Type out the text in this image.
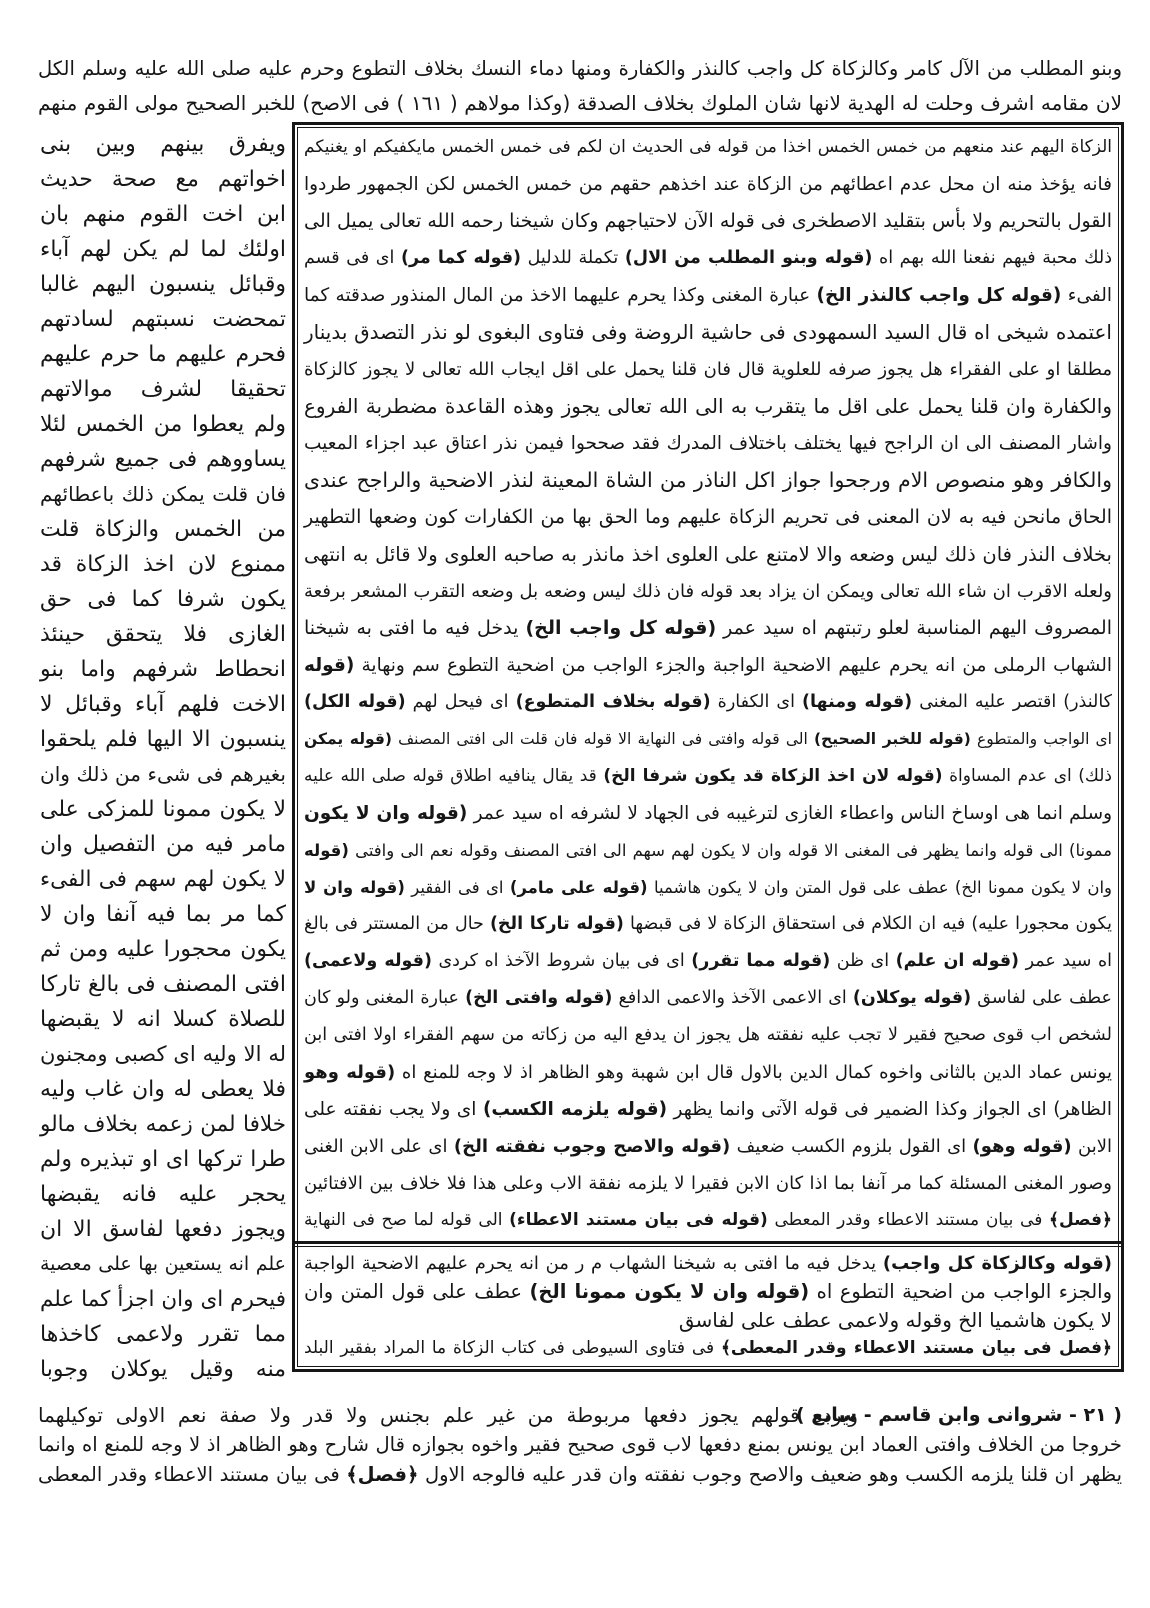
وبنو المطلب من الآل كامر وكالزكاة كل واجب كالنذر والكفارة ومنها دماء النسك بخلاف التطوع وحرم عليه صلى الله عليه وسلم الكل
لان مقامه اشرف وحلت له الهدية لانها شان الملوك بخلاف الصدقة (وكذا مولاهم ( ١٦١ ) فى الاصح) للخبر الصحيح مولى القوم منهم
الزكاة اليهم عند منعهم من خمس الخمس اخذا من قوله فى الحديث ان لكم فى خمس الخمس مايكفيكم او يغنيكم
فانه يؤخذ منه ان محل عدم اعطائهم من الزكاة عند اخذهم حقهم من خمس الخمس لكن الجمهور طردوا
القول بالتحريم ولا بأس بتقليد الاصطخرى فى قوله الآن لاحتياجهم وكان شيخنا رحمه الله تعالى يميل الى
ذلك محبة فيهم نفعنا الله بهم اه (قوله وبنو المطلب من الال) تكملة للدليل (قوله كما مر) اى فى قسم
الفىء (قوله كل واجب كالنذر الخ) عبارة المغنى وكذا يحرم عليهما الاخذ من المال المنذور صدقته كما
اعتمده شيخى اه قال السيد السمهودى فى حاشية الروضة وفى فتاوى البغوى لو نذر التصدق بدينار
مطلقا او على الفقراء هل يجوز صرفه للعلوية قال فان قلنا يحمل على اقل ايجاب الله تعالى لا يجوز كالزكاة
والكفارة وان قلنا يحمل على اقل ما يتقرب به الى الله تعالى يجوز وهذه القاعدة مضطربة الفروع
واشار المصنف الى ان الراجح فيها يختلف باختلاف المدرك فقد صححوا فيمن نذر اعتاق عبد اجزاء المعيب
والكافر وهو منصوص الام ورجحوا جواز اكل الناذر من الشاة المعينة لنذر الاضحية والراجح عندى
الحاق مانحن فيه به لان المعنى فى تحريم الزكاة عليهم وما الحق بها من الكفارات كون وضعها التطهير
بخلاف النذر فان ذلك ليس وضعه والا لامتنع على العلوى اخذ مانذر به صاحبه العلوى ولا قائل به انتهى
ولعله الاقرب ان شاء الله تعالى ويمكن ان يزاد بعد قوله فان ذلك ليس وضعه بل وضعه التقرب المشعر برفعة
المصروف اليهم المناسبة لعلو رتبتهم اه سيد عمر (قوله كل واجب الخ) يدخل فيه ما افتى به شيخنا
الشهاب الرملى من انه يحرم عليهم الاضحية الواجبة والجزء الواجب من اضحية التطوع سم ونهاية (قوله
كالنذر) اقتصر عليه المغنى (قوله ومنها) اى الكفارة (قوله بخلاف المتطوع) اى فيحل لهم (قوله الكل)
اى الواجب والمتطوع (قوله للخبر الصحيح) الى قوله وافتى فى النهاية الا قوله فان قلت الى افتى المصنف (قوله يمكن
ذلك) اى عدم المساواة (قوله لان اخذ الزكاة قد يكون شرفا الخ) قد يقال ينافيه اطلاق قوله صلى الله عليه
وسلم انما هى اوساخ الناس واعطاء الغازى لترغيبه فى الجهاد لا لشرفه اه سيد عمر (قوله وان لا يكون
ممونا) الى قوله وانما يظهر فى المغنى الا قوله وان لا يكون لهم سهم الى افتى المصنف وقوله نعم الى وافتى (قوله
وان لا يكون ممونا الخ) عطف على قول المتن وان لا يكون هاشميا (قوله على مامر) اى فى الفقير (قوله وان لا
يكون محجورا عليه) فيه ان الكلام فى استحقاق الزكاة لا فى قبضها (قوله تاركا الخ) حال من المستتر فى بالغ
اه سيد عمر (قوله ان علم) اى ظن (قوله مما تقرر) اى فى بيان شروط الآخذ اه كردى (قوله ولاعمى)
عطف على لفاسق (قوله يوكلان) اى الاعمى الآخذ والاعمى الدافع (قوله وافتى الخ) عبارة المغنى ولو كان
لشخص اب قوى صحيح فقير لا تجب عليه نفقته هل يجوز ان يدفع اليه من زكاته من سهم الفقراء اولا افتى ابن
يونس عماد الدين بالثانى واخوه كمال الدين بالاول قال ابن شهبة وهو الظاهر اذ لا وجه للمنع اه (قوله وهو
الظاهر) اى الجواز وكذا الضمير فى قوله الآتى وانما يظهر (قوله يلزمه الكسب) اى ولا يجب نفقته على
الابن (قوله وهو) اى القول بلزوم الكسب ضعيف (قوله والاصح وجوب نفقته الخ) اى على الابن الغنى
وصور المغنى المسئلة كما مر آنفا بما اذا كان الابن فقيرا لا يلزمه نفقة الاب وعلى هذا فلا خلاف بين الافتائين
﴿فصل﴾ فى بيان مستند الاعطاء وقدر المعطى (قوله فى بيان مستند الاعطاء) الى قوله لما صح فى النهاية
(قوله وكالزكاة كل واجب) يدخل فيه ما افتى به شيخنا الشهاب م ر من انه يحرم عليهم الاضحية الواجبة
والجزء الواجب من اضحية التطوع اه (قوله وان لا يكون ممونا الخ) عطف على قول المتن وان
لا يكون هاشميا الخ وقوله ولاعمى عطف على لفاسق
﴿فصل فى بيان مستند الاعطاء وقدر المعطى﴾ فى فتاوى السيوطى فى كتاب الزكاة ما المراد بفقير البلد
ويفرق بينهم وبين بنى
اخواتهم مع صحة حديث
ابن اخت القوم منهم بان
اولئك لما لم يكن لهم آباء
وقبائل ينسبون اليهم غالبا
تمحضت نسبتهم لسادتهم
فحرم عليهم ما حرم عليهم
تحقيقا لشرف موالاتهم
ولم يعطوا من الخمس لئلا
يساووهم فى جميع شرفهم
فان قلت يمكن ذلك باعطائهم
من الخمس والزكاة قلت
ممنوع لان اخذ الزكاة قد
يكون شرفا كما فى حق
الغازى فلا يتحقق حينئذ
انحطاط شرفهم واما بنو
الاخت فلهم آباء وقبائل لا
ينسبون الا اليها فلم يلحقوا
بغيرهم فى شىء من ذلك وان
لا يكون ممونا للمزكى على
مامر فيه من التفصيل وان
لا يكون لهم سهم فى الفىء
كما مر بما فيه آنفا وان لا
يكون محجورا عليه ومن ثم
افتى المصنف فى بالغ تاركا
للصلاة كسلا انه لا يقبضها
له الا وليه اى كصبى ومجنون
فلا يعطى له وان غاب وليه
خلافا لمن زعمه بخلاف مالو
طرا تركها اى او تبذيره ولم
يحجر عليه فانه يقبضها
ويجوز دفعها لفاسق الا ان
علم انه يستعين بها على معصية
فيحرم اى وان اجزأ كما علم
مما تقرر ولاعمى كاخذها
منه وقيل يوكلان وجوبا
( ٢١ - شروانى وابن قاسم - سابع )
ويرده قولهم يجوز دفعها مربوطة من غير علم بجنس ولا قدر ولا صفة نعم الاولى توكيلهما
خروجا من الخلاف وافتى العماد ابن يونس بمنع دفعها لاب قوى صحيح فقير واخوه بجوازه قال شارح وهو الظاهر اذ لا وجه للمنع اه وانما
يظهر ان قلنا يلزمه الكسب وهو ضعيف والاصح وجوب نفقته وان قدر عليه فالوجه الاول ﴿فصل﴾ فى بيان مستند الاعطاء وقدر المعطى
